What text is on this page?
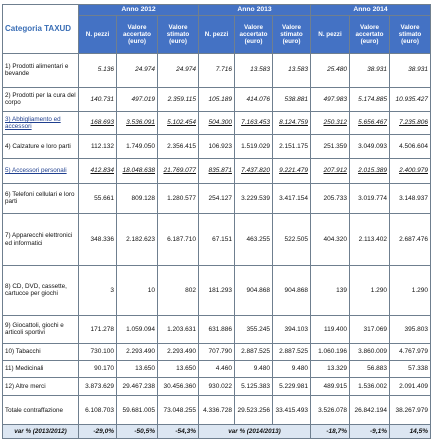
Categoria TAXUD	Anno 2012			Anno 2013			Anno 2014		
	N. pezzi	Valore accertato (euro)	Valore stimato (euro)	N. pezzi	Valore accertato (euro)	Valore stimato (euro)	N. pezzi	Valore accertato (euro)	Valore stimato (euro)
1) Prodotti alimentari e bevande	5.136	24.974	24.974	7.716	13.583	13.583	25.480	38.931	38.931
2) Prodotti per la cura del corpo	140.731	497.019	2.359.115	105.189	414.076	538.881	497.983	5.174.885	10.935.427
3) Abbigliamento ed accessori	168.693	3.536.091	5.102.454	504.300	7.163.453	8.124.759	250.312	5.656.467	7.235.806
4) Calzature e loro parti	112.132	1.749.050	2.356.415	106.923	1.519.029	2.151.175	251.359	3.049.093	4.506.604
5) Accessori personali	412.834	18.048.638	21.769.077	835.871	7.437.820	9.221.479	207.912	2.015.389	2.400.979
6) Telefoni cellulari e loro parti	55.661	809.128	1.280.577	254.127	3.229.539	3.417.154	205.733	3.019.774	3.148.937
7) Apparecchi elettronici ed informatici	348.336	2.182.623	6.187.710	67.151	463.255	522.505	404.320	2.113.402	2.687.476
8) CD, DVD, cassette, cartucce per giochi	3	10	802	181.293	904.868	904.868	139	1.290	1.290
9) Giocattoli, giochi e articoli sportivi	171.278	1.059.094	1.203.631	631.886	355.245	394.103	119.400	317.069	395.803
10) Tabacchi	730.100	2.293.490	2.293.490	707.790	2.887.525	2.887.525	1.060.196	3.860.009	4.767.979
11) Medicinali	90.170	13.650	13.650	4.460	9.480	9.480	13.329	56.883	57.338
12) Altre merci	3.873.629	29.467.238	30.456.360	930.022	5.125.383	5.229.981	489.915	1.536.002	2.091.409
Totale contraffazione	6.108.703	59.681.005	73.048.255	4.336.728	29.523.256	33.415.493	3.526.078	26.842.194	38.267.979
var % (2013/2012)	-29,0%	-50,5%	-54,3%	var % (2014/2013)			-18,7%	-9,1%	14,5%
